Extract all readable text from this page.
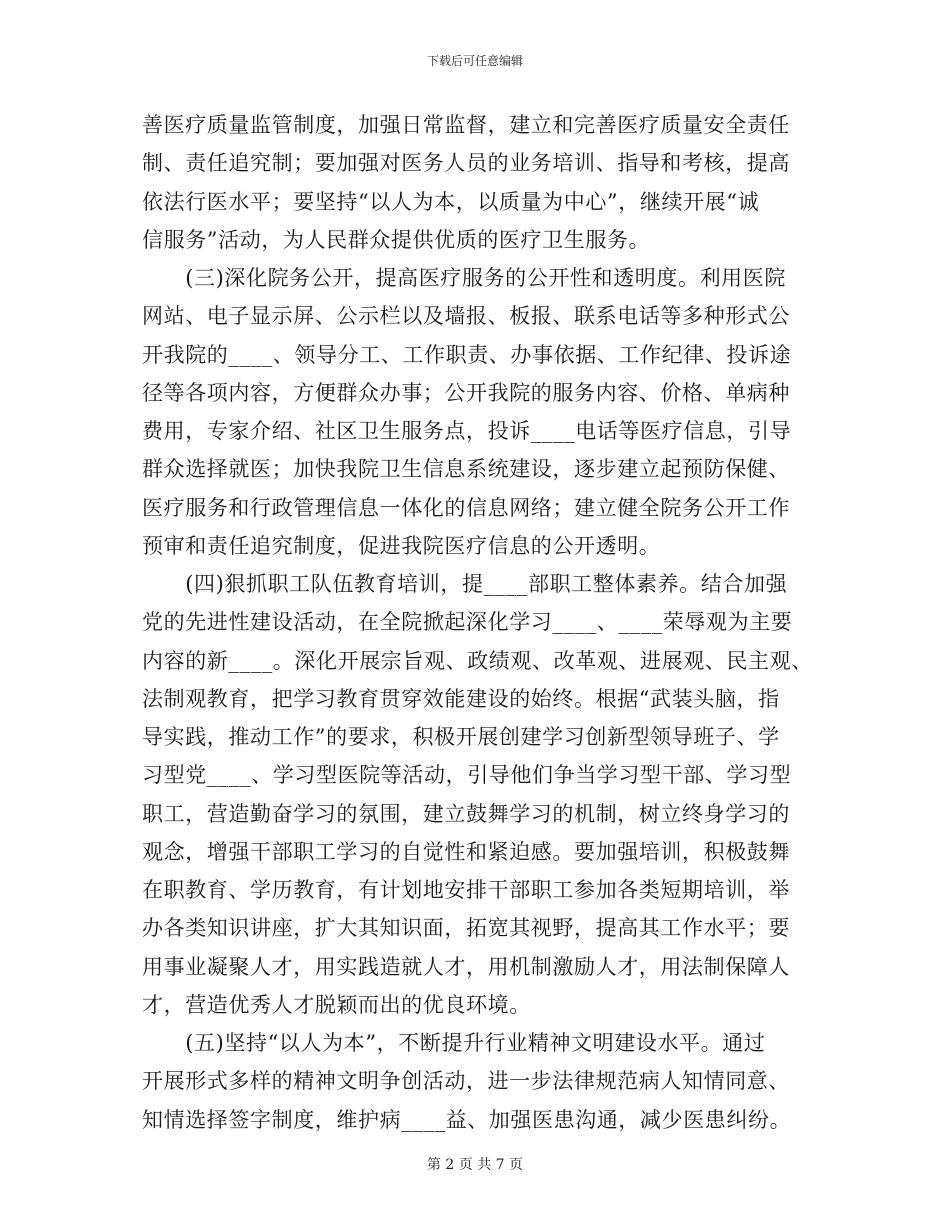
下载后可任意编辑
善医疗质量监管制度，加强日常监督，建立和完善医疗质量安全责任
制、责任追究制；要加强对医务人员的业务培训、指导和考核，提高
依法行医水平；要坚持“以人为本，以质量为中心”，继续开展“诚
信服务”活动，为人民群众提供优质的医疗卫生服务。
　　(三)深化院务公开，提高医疗服务的公开性和透明度。利用医院
网站、电子显示屏、公示栏以及墙报、板报、联系电话等多种形式公
开我院的____、领导分工、工作职责、办事依据、工作纪律、投诉途
径等各项内容，方便群众办事；公开我院的服务内容、价格、单病种
费用，专家介绍、社区卫生服务点，投诉____电话等医疗信息，引导
群众选择就医；加快我院卫生信息系统建设，逐步建立起预防保健、
医疗服务和行政管理信息一体化的信息网络；建立健全院务公开工作
预审和责任追究制度，促进我院医疗信息的公开透明。
　　(四)狠抓职工队伍教育培训，提____部职工整体素养。结合加强
党的先进性建设活动，在全院掀起深化学习____、____荣辱观为主要
内容的新____。深化开展宗旨观、政绩观、改革观、进展观、民主观、
法制观教育，把学习教育贯穿效能建设的始终。根据“武装头脑，指
导实践，推动工作”的要求，积极开展创建学习创新型领导班子、学
习型党____、学习型医院等活动，引导他们争当学习型干部、学习型
职工，营造勤奋学习的氛围，建立鼓舞学习的机制，树立终身学习的
观念，增强干部职工学习的自觉性和紧迫感。要加强培训，积极鼓舞
在职教育、学历教育，有计划地安排干部职工参加各类短期培训，举
办各类知识讲座，扩大其知识面，拓宽其视野，提高其工作水平；要
用事业凝聚人才，用实践造就人才，用机制激励人才，用法制保障人
才，营造优秀人才脱颖而出的优良环境。
　　(五)坚持“以人为本”，不断提升行业精神文明建设水平。通过
开展形式多样的精神文明争创活动，进一步法律规范病人知情同意、
知情选择签字制度，维护病____益、加强医患沟通，减少医患纠纷。
第 2 页 共 7 页
